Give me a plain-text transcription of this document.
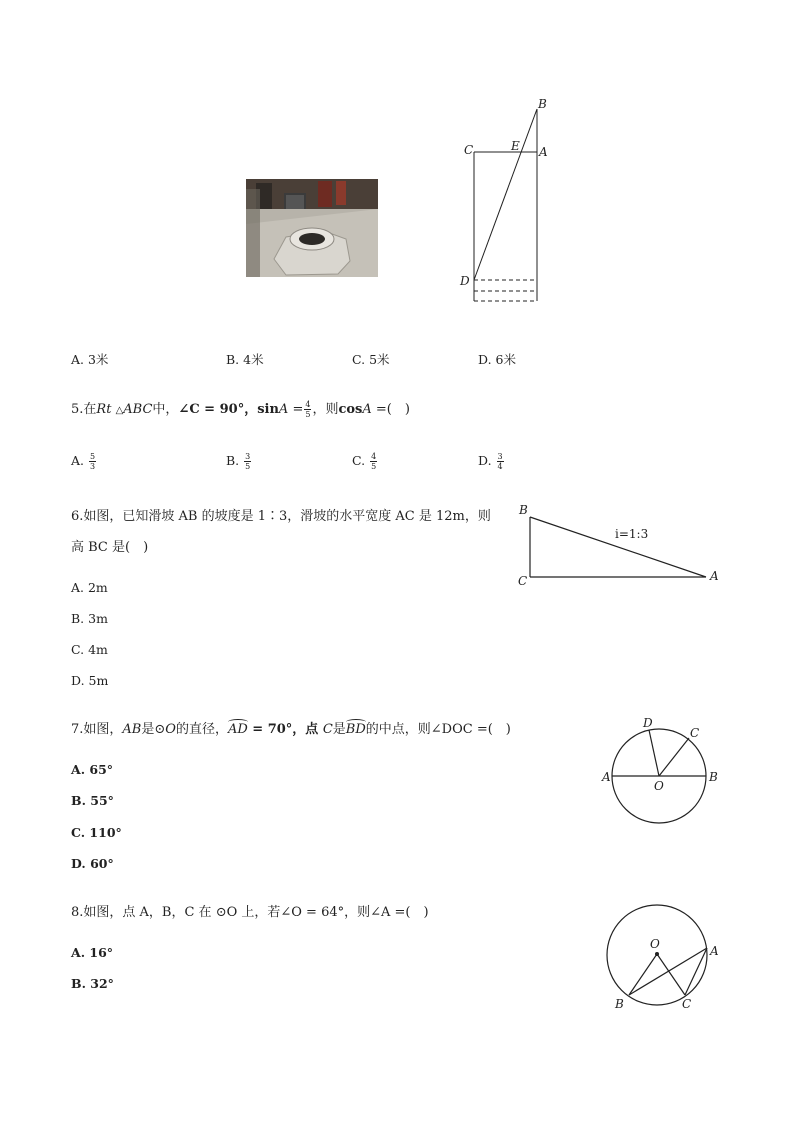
B
C	E A
D
A. 3米	B. 4米	C. 5米	D. 6米
5.在Rt △ABC中，∠C = 90°，$\sin A = \frac{4}{5}$ ，则cosA =(　)
A. $\frac{5}{3}$	B. $\frac{3}{5}$	C. $\frac{4}{5}$	D. $\frac{3}{4}$
6.如图，已知滑坡 AB 的坡度是 1∶3，滑坡的水平宽度 AC 是 12m，则
高 BC 是(　)
B
C	A
i=1:3
A. 2m
B. 3m
C. 4m
D. 5m
7.如图，AB是⊙O的直径，AD = 70°，点 C是BD的中点，则∠DOC =(　)	D
C
A	B
O
A. 65°
B. 55°
C. 110°
D. 60°
8.如图，点 A，B，C 在 ⊙O 上，若∠O = 64°，则∠A =(　)
O	A
B	C
A. 16°
B. 32°
